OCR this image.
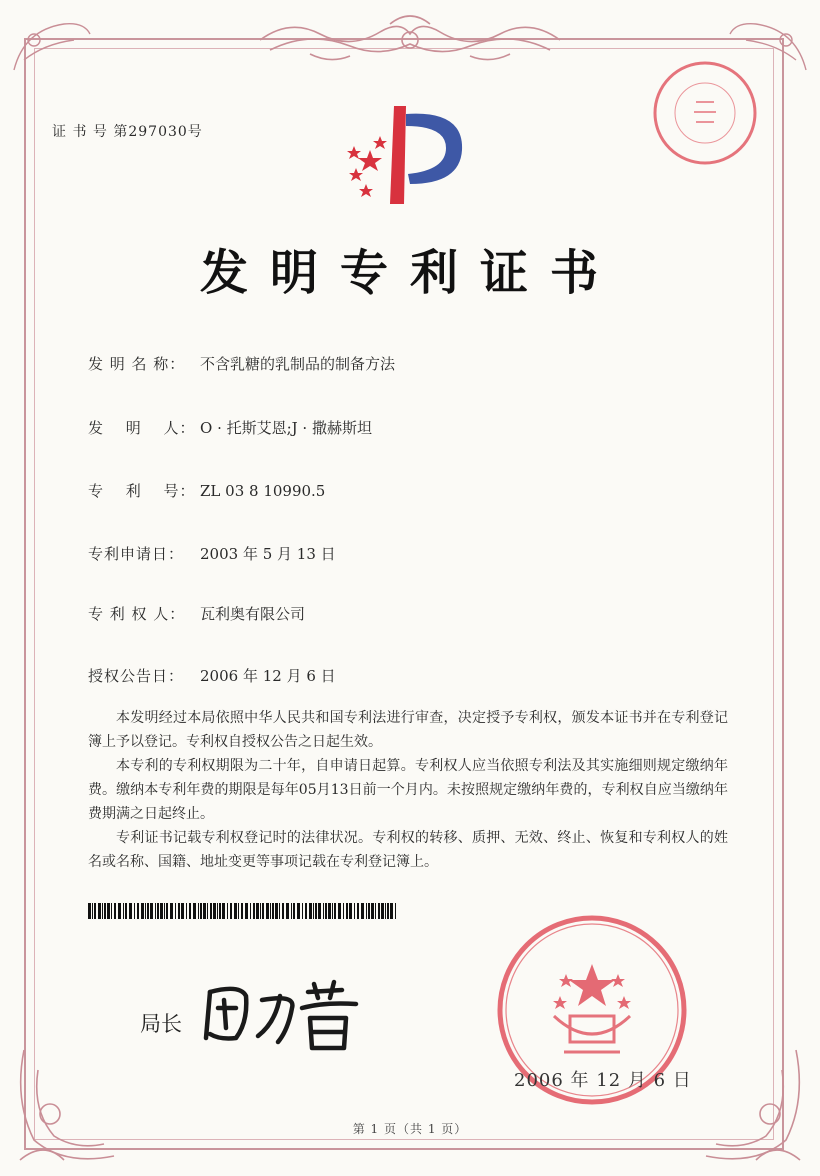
证 书 号 第297030号
发明专利证书
发 明 名 称： 不含乳糖的乳制品的制备方法
发　 明　 人： O · 托斯艾恩;J · 撒赫斯坦
专　 利　 号： ZL 03 8 10990.5
专利申请日： 2003 年 5 月 13 日
专 利 权 人： 瓦利奥有限公司
授权公告日： 2006 年 12 月 6 日

本发明经过本局依照中华人民共和国专利法进行审查，决定授予专利权，颁发本证书并在专利登记簿上予以登记。专利权自授权公告之日起生效。

本专利的专利权期限为二十年，自申请日起算。专利权人应当依照专利法及其实施细则规定缴纳年费。缴纳本专利年费的期限是每年05月13日前一个月内。未按照规定缴纳年费的，专利权自应当缴纳年费期满之日起终止。

专利证书记载专利权登记时的法律状况。专利权的转移、质押、无效、终止、恢复和专利权人的姓名或名称、国籍、地址变更等事项记载在专利登记簿上。

局长
2006 年 12 月 6 日
第 1 页（共 1 页）
